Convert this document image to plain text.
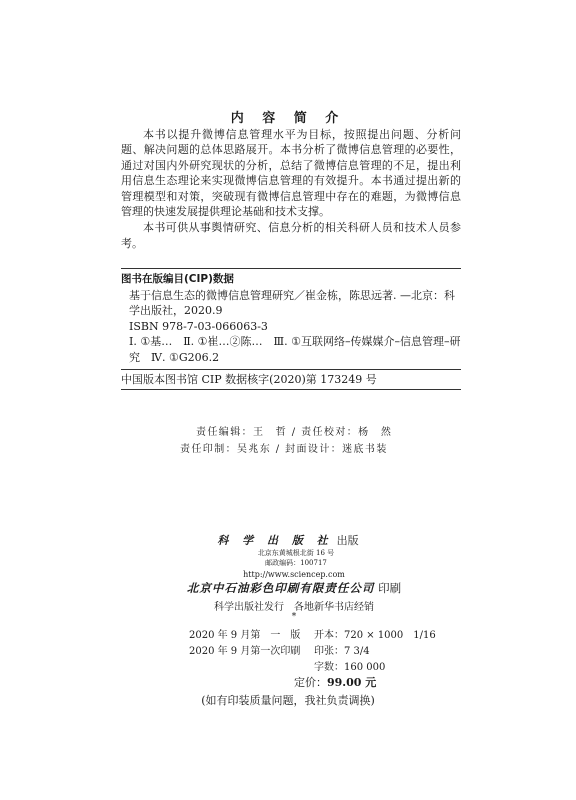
内 容 简 介

本书以提升微博信息管理水平为目标，按照提出问题、分析问题、解决问题的总体思路展开。本书分析了微博信息管理的必要性，通过对国内外研究现状的分析，总结了微博信息管理的不足，提出利用信息生态理论来实现微博信息管理的有效提升。本书通过提出新的管理模型和对策，突破现有微博信息管理中存在的难题，为微博信息管理的快速发展提供理论基础和技术支撑。

本书可供从事舆情研究、信息分析的相关科研人员和技术人员参考。

图书在版编目(CIP)数据
基于信息生态的微博信息管理研究／崔金栋，陈思远著. —北京：科学出版社，2020.9
ISBN 978-7-03-066063-3
Ⅰ. ①基…　Ⅱ. ①崔…②陈…　Ⅲ. ①互联网络–传媒媒介–信息管理–研究　Ⅳ. ①G206.2
中国版本图书馆 CIP 数据核字(2020)第 173249 号
责任编辑：王　哲 / 责任校对：杨　然
责任印制：吴兆东 / 封面设计：迷底书装
科 学 出 版 社 出版
北京东黄城根北街 16 号
邮政编码：100717
http://www.sciencep.com
北京中石油彩色印刷有限责任公司 印刷
科学出版社发行　各地新华书店经销
*
2020 年 9 月第　一　版 开本：720 × 1000　1/16
2020 年 9 月第一次印刷 印张：7 3/4
字数：160 000
定价：99.00 元
(如有印装质量问题，我社负责调换)
